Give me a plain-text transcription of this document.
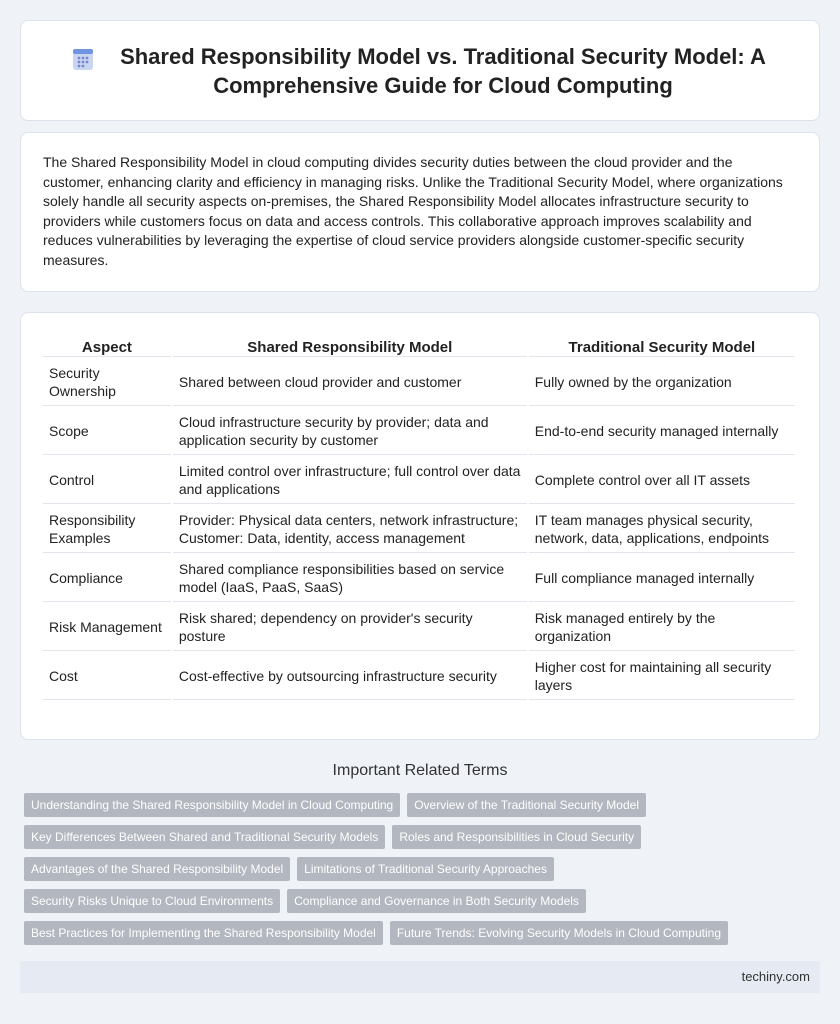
Shared Responsibility Model vs. Traditional Security Model: A Comprehensive Guide for Cloud Computing

The Shared Responsibility Model in cloud computing divides security duties between the cloud provider and the customer, enhancing clarity and efficiency in managing risks. Unlike the Traditional Security Model, where organizations solely handle all security aspects on-premises, the Shared Responsibility Model allocates infrastructure security to providers while customers focus on data and access controls. This collaborative approach improves scalability and reduces vulnerabilities by leveraging the expertise of cloud service providers alongside customer-specific security measures.

Aspect	Shared Responsibility Model	Traditional Security Model
Security Ownership	Shared between cloud provider and customer	Fully owned by the organization
Scope	Cloud infrastructure security by provider; data and application security by customer	End-to-end security managed internally
Control	Limited control over infrastructure; full control over data and applications	Complete control over all IT assets
Responsibility Examples	Provider: Physical data centers, network infrastructure; Customer: Data, identity, access management	IT team manages physical security, network, data, applications, endpoints
Compliance	Shared compliance responsibilities based on service model (IaaS, PaaS, SaaS)	Full compliance managed internally
Risk Management	Risk shared; dependency on provider's security posture	Risk managed entirely by the organization
Cost	Cost-effective by outsourcing infrastructure security	Higher cost for maintaining all security layers
Important Related Terms
Understanding the Shared Responsibility Model in Cloud Computing	Overview of the Traditional Security Model
Key Differences Between Shared and Traditional Security Models	Roles and Responsibilities in Cloud Security
Advantages of the Shared Responsibility Model	Limitations of Traditional Security Approaches
Security Risks Unique to Cloud Environments	Compliance and Governance in Both Security Models
Best Practices for Implementing the Shared Responsibility Model	Future Trends: Evolving Security Models in Cloud Computing
techiny.com
